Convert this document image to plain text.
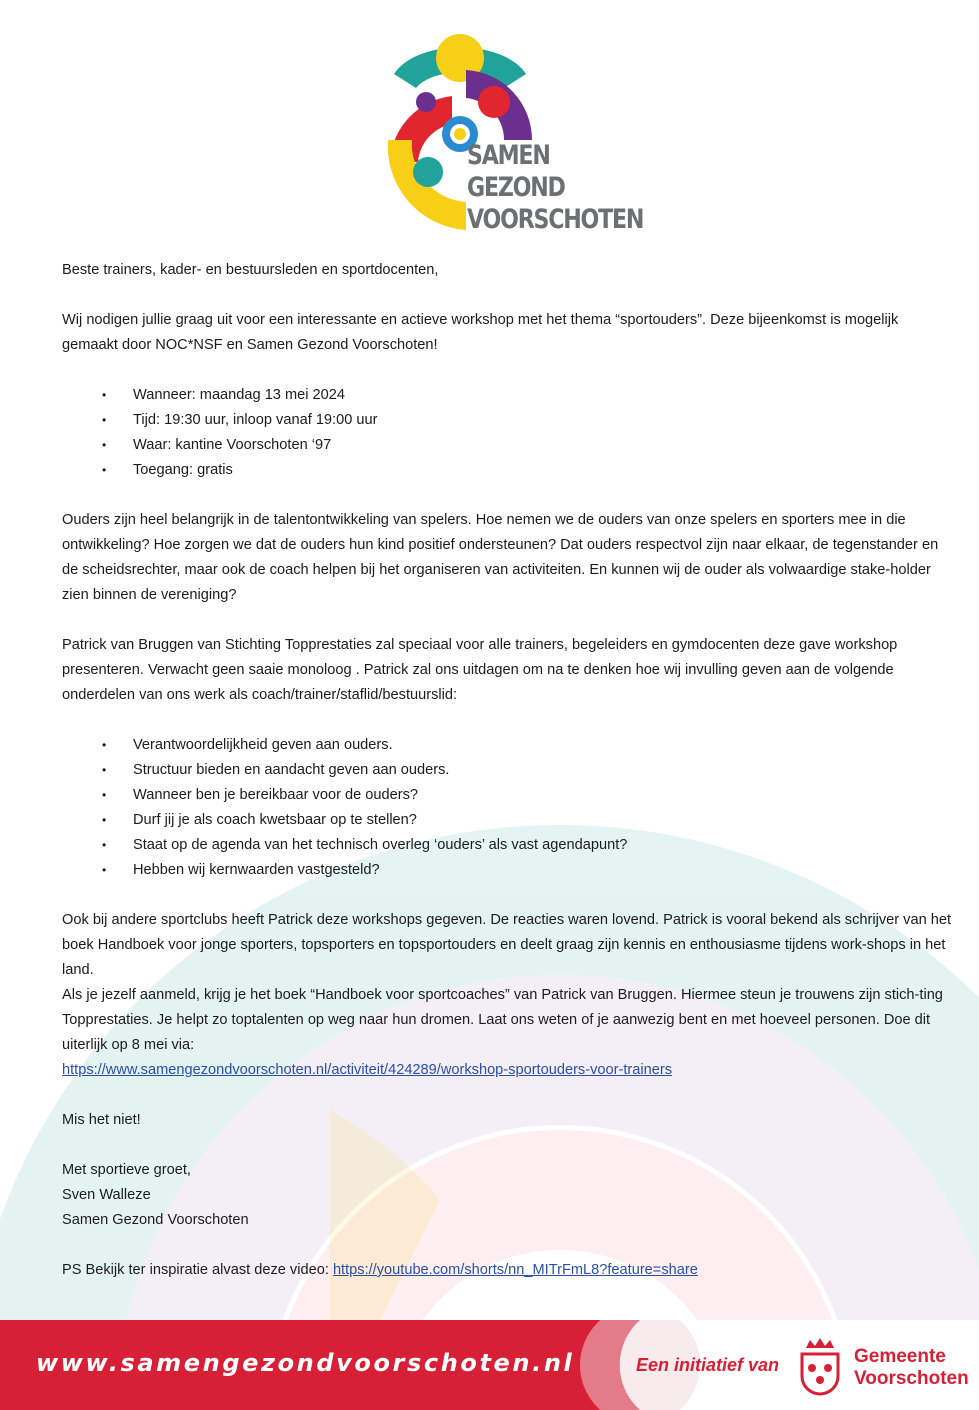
SAMEN
GEZOND
VOORSCHOTEN

Beste trainers, kader- en bestuursleden en sportdocenten,

Wij nodigen jullie graag uit voor een interessante en actieve workshop met het thema “sportouders”. Deze bijeenkomst is mogelijk gemaakt door NOC*NSF en Samen Gezond Voorschoten!

• Wanneer: maandag 13 mei 2024
• Tijd: 19:30 uur, inloop vanaf 19:00 uur
• Waar: kantine Voorschoten ‘97
• Toegang: gratis

Ouders zijn heel belangrijk in de talentontwikkeling van spelers. Hoe nemen we de ouders van onze spelers en sporters mee in die ontwikkeling? Hoe zorgen we dat de ouders hun kind positief ondersteunen? Dat ouders respectvol zijn naar elkaar, de tegenstander en de scheidsrechter, maar ook de coach helpen bij het organiseren van activiteiten. En kunnen wij de ouder als volwaardige stake-holder zien binnen de vereniging?

Patrick van Bruggen van Stichting Topprestaties zal speciaal voor alle trainers, begeleiders en gymdocenten deze gave workshop presenteren. Verwacht geen saaie monoloog . Patrick zal ons uitdagen om na te denken hoe wij invulling geven aan de volgende onderdelen van ons werk als coach/trainer/staflid/bestuurslid:

• Verantwoordelijkheid geven aan ouders.
• Structuur bieden en aandacht geven aan ouders.
• Wanneer ben je bereikbaar voor de ouders?
• Durf jij je als coach kwetsbaar op te stellen?
• Staat op de agenda van het technisch overleg ‘ouders’ als vast agendapunt?
• Hebben wij kernwaarden vastgesteld?

Ook bij andere sportclubs heeft Patrick deze workshops gegeven. De reacties waren lovend. Patrick is vooral bekend als schrijver van het boek Handboek voor jonge sporters, topsporters en topsportouders en deelt graag zijn kennis en enthousiasme tijdens work-shops in het land.

Als je jezelf aanmeld, krijg je het boek “Handboek voor sportcoaches” van Patrick van Bruggen. Hiermee steun je trouwens zijn stich-ting Topprestaties. Je helpt zo toptalenten op weg naar hun dromen. Laat ons weten of je aanwezig bent en met hoeveel personen. Doe dit uiterlijk op 8 mei via:

https://www.samengezondvoorschoten.nl/activiteit/424289/workshop-sportouders-voor-trainers

Mis het niet!

Met sportieve groet,

Sven Walleze

Samen Gezond Voorschoten

PS Bekijk ter inspiratie alvast deze video: https://youtube.com/shorts/nn_MITrFmL8?feature=share

www.samengezondvoorschoten.nl	Een initiatief van	Gemeente
Voorschoten
